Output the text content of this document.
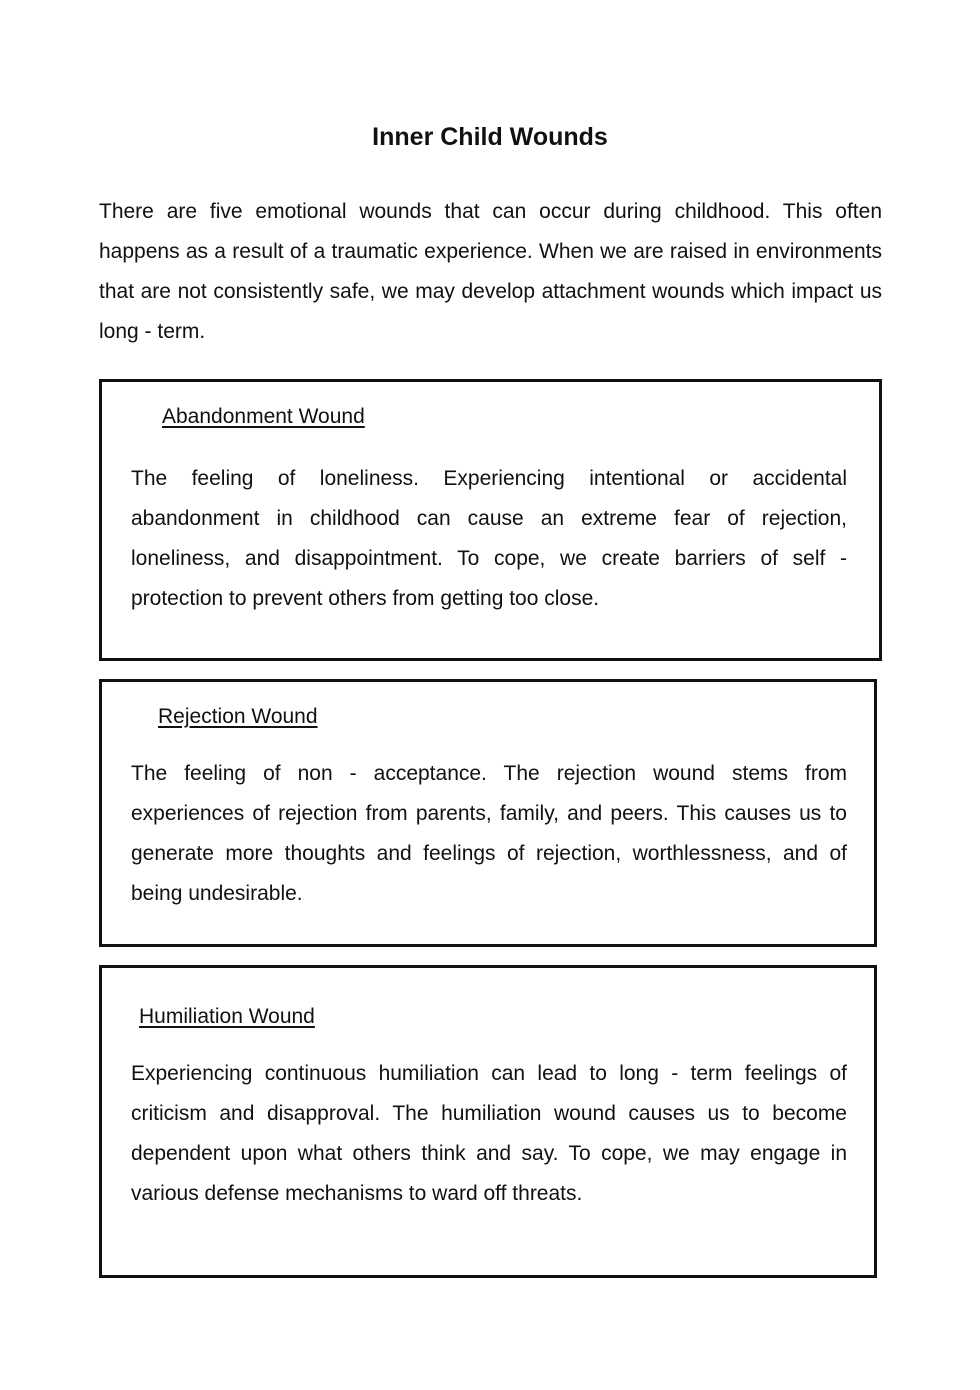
Inner Child Wounds

There are five emotional wounds that can occur during childhood. This often happens as a result of a traumatic experience. When we are raised in environments that are not consistently safe, we may develop attachment wounds which impact us long - term.

Abandonment Wound

The feeling of loneliness. Experiencing intentional or accidental abandonment in childhood can cause an extreme fear of rejection, loneliness, and disappointment. To cope, we create barriers of self - protection to prevent others from getting too close.

Rejection Wound

The feeling of non - acceptance. The rejection wound stems from experiences of rejection from parents, family, and peers. This causes us to generate more thoughts and feelings of rejection, worthlessness, and of being undesirable.

Humiliation Wound

Experiencing continuous humiliation can lead to long - term feelings of criticism and disapproval. The humiliation wound causes us to become dependent upon what others think and say. To cope, we may engage in various defense mechanisms to ward off threats.
